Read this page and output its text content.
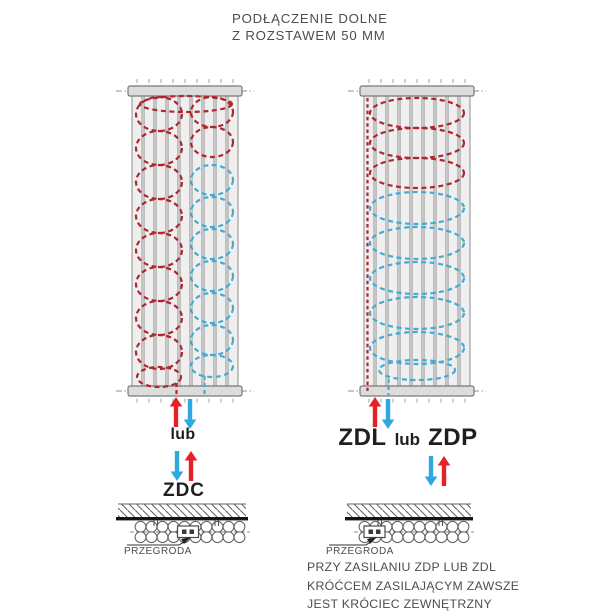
PODŁĄCZENIE DOLNE
Z ROZSTAWEM 50 MM
lub
ZDC
ZDL lub ZDP
PRZEGRODA	PRZEGRODA
PRZY ZASILANIU ZDP LUB ZDL
KRÓĆCEM ZASILAJĄCYM ZAWSZE
JEST KRÓCIEC ZEWNĘTRZNY
